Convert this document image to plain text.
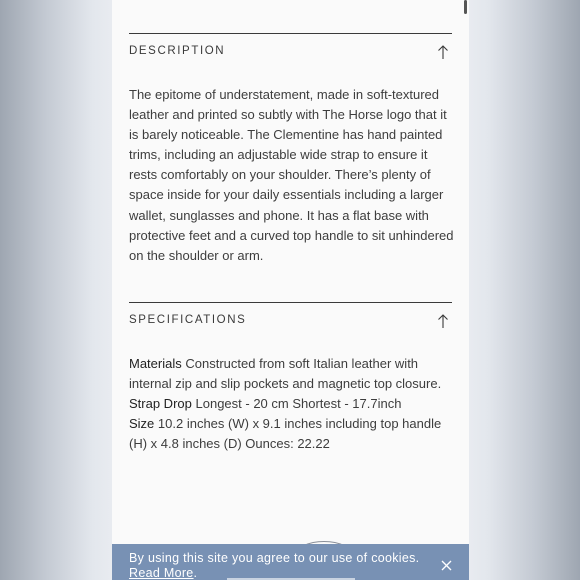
DESCRIPTION
The epitome of understatement, made in soft-textured leather and printed so subtly with The Horse logo that it is barely noticeable. The Clementine has hand painted trims, including an adjustable wide strap to ensure it rests comfortably on your shoulder. There’s plenty of space inside for your daily essentials including a larger wallet, sunglasses and phone. It has a flat base with protective feet and a curved top handle to sit unhindered on the shoulder or arm.
SPECIFICATIONS
Materials Constructed from soft Italian leather with internal zip and slip pockets and magnetic top closure.
Strap Drop Longest - 20 cm Shortest - 17.7inch
Size 10.2 inches (W) x 9.1 inches including top handle (H) x 4.8 inches (D) Ounces: 22.22
By using this site you agree to our use of cookies. Read More.
